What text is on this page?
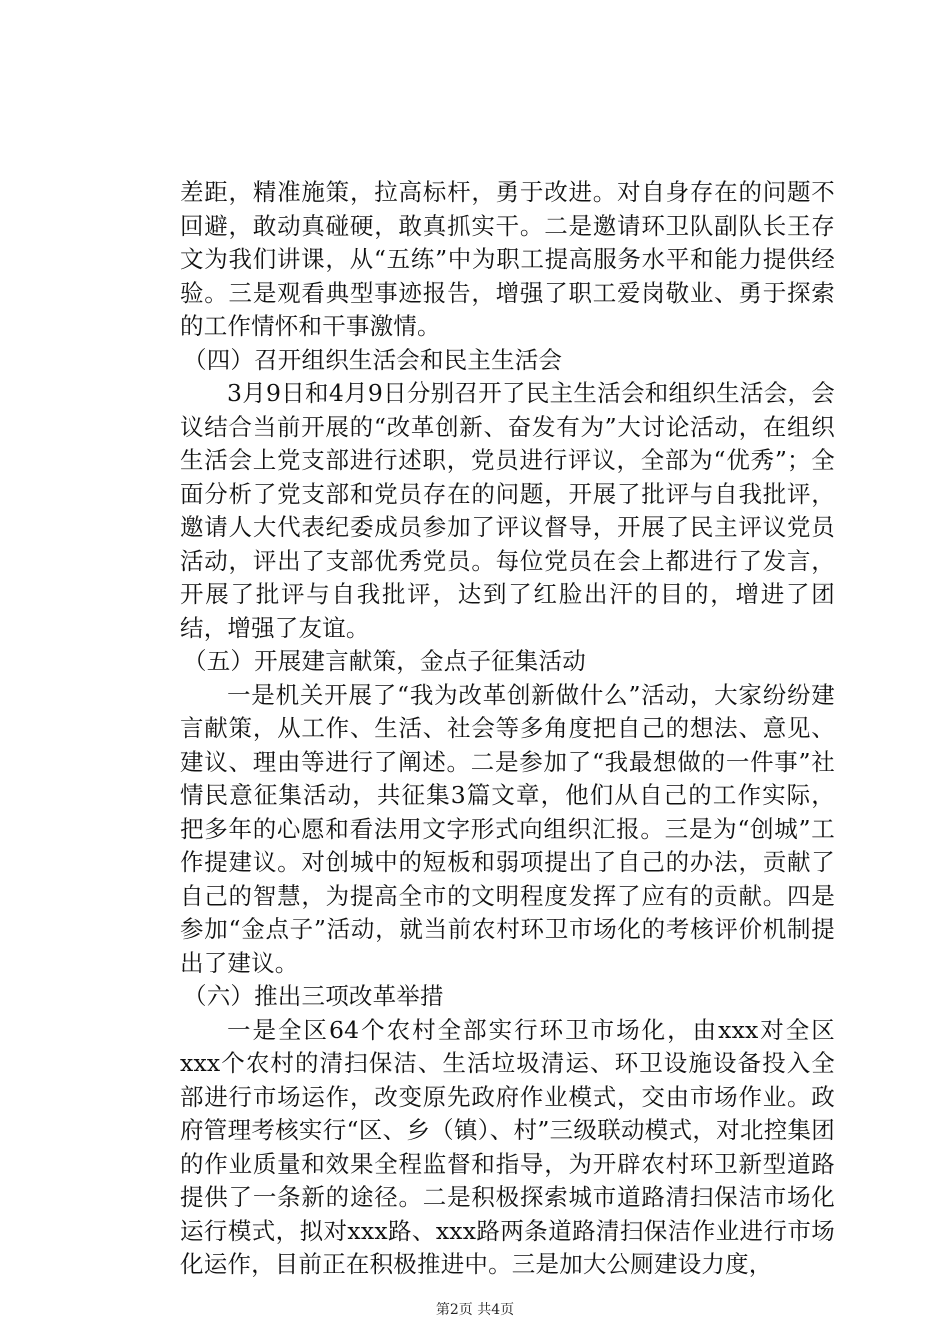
差距，精准施策，拉高标杆，勇于改进。对自身存在的问题不回避，敢动真碰硬，敢真抓实干。二是邀请环卫队副队长王存文为我们讲课，从“五练”中为职工提高服务水平和能力提供经验。三是观看典型事迹报告，增强了职工爱岗敬业、勇于探索的工作情怀和干事激情。

（四）召开组织生活会和民主生活会

3月9日和4月9日分别召开了民主生活会和组织生活会，会议结合当前开展的“改革创新、奋发有为”大讨论活动，在组织生活会上党支部进行述职，党员进行评议，全部为“优秀”；全面分析了党支部和党员存在的问题，开展了批评与自我批评，邀请人大代表纪委成员参加了评议督导，开展了民主评议党员活动，评出了支部优秀党员。每位党员在会上都进行了发言，开展了批评与自我批评，达到了红脸出汗的目的，增进了团结，增强了友谊。

（五）开展建言献策，金点子征集活动

一是机关开展了“我为改革创新做什么”活动，大家纷纷建言献策，从工作、生活、社会等多角度把自己的想法、意见、建议、理由等进行了阐述。二是参加了“我最想做的一件事”社情民意征集活动，共征集3篇文章，他们从自己的工作实际，把多年的心愿和看法用文字形式向组织汇报。三是为“创城”工作提建议。对创城中的短板和弱项提出了自己的办法，贡献了自己的智慧，为提高全市的文明程度发挥了应有的贡献。四是参加“金点子”活动，就当前农村环卫市场化的考核评价机制提出了建议。

（六）推出三项改革举措

一是全区64个农村全部实行环卫市场化，由xxx对全区xxx个农村的清扫保洁、生活垃圾清运、环卫设施设备投入全部进行市场运作，改变原先政府作业模式，交由市场作业。政府管理考核实行“区、乡（镇）、村”三级联动模式，对北控集团的作业质量和效果全程监督和指导，为开辟农村环卫新型道路提供了一条新的途径。二是积极探索城市道路清扫保洁市场化运行模式，拟对xxx路、xxx路两条道路清扫保洁作业进行市场化运作，目前正在积极推进中。三是加大公厕建设力度，

第2页 共4页
